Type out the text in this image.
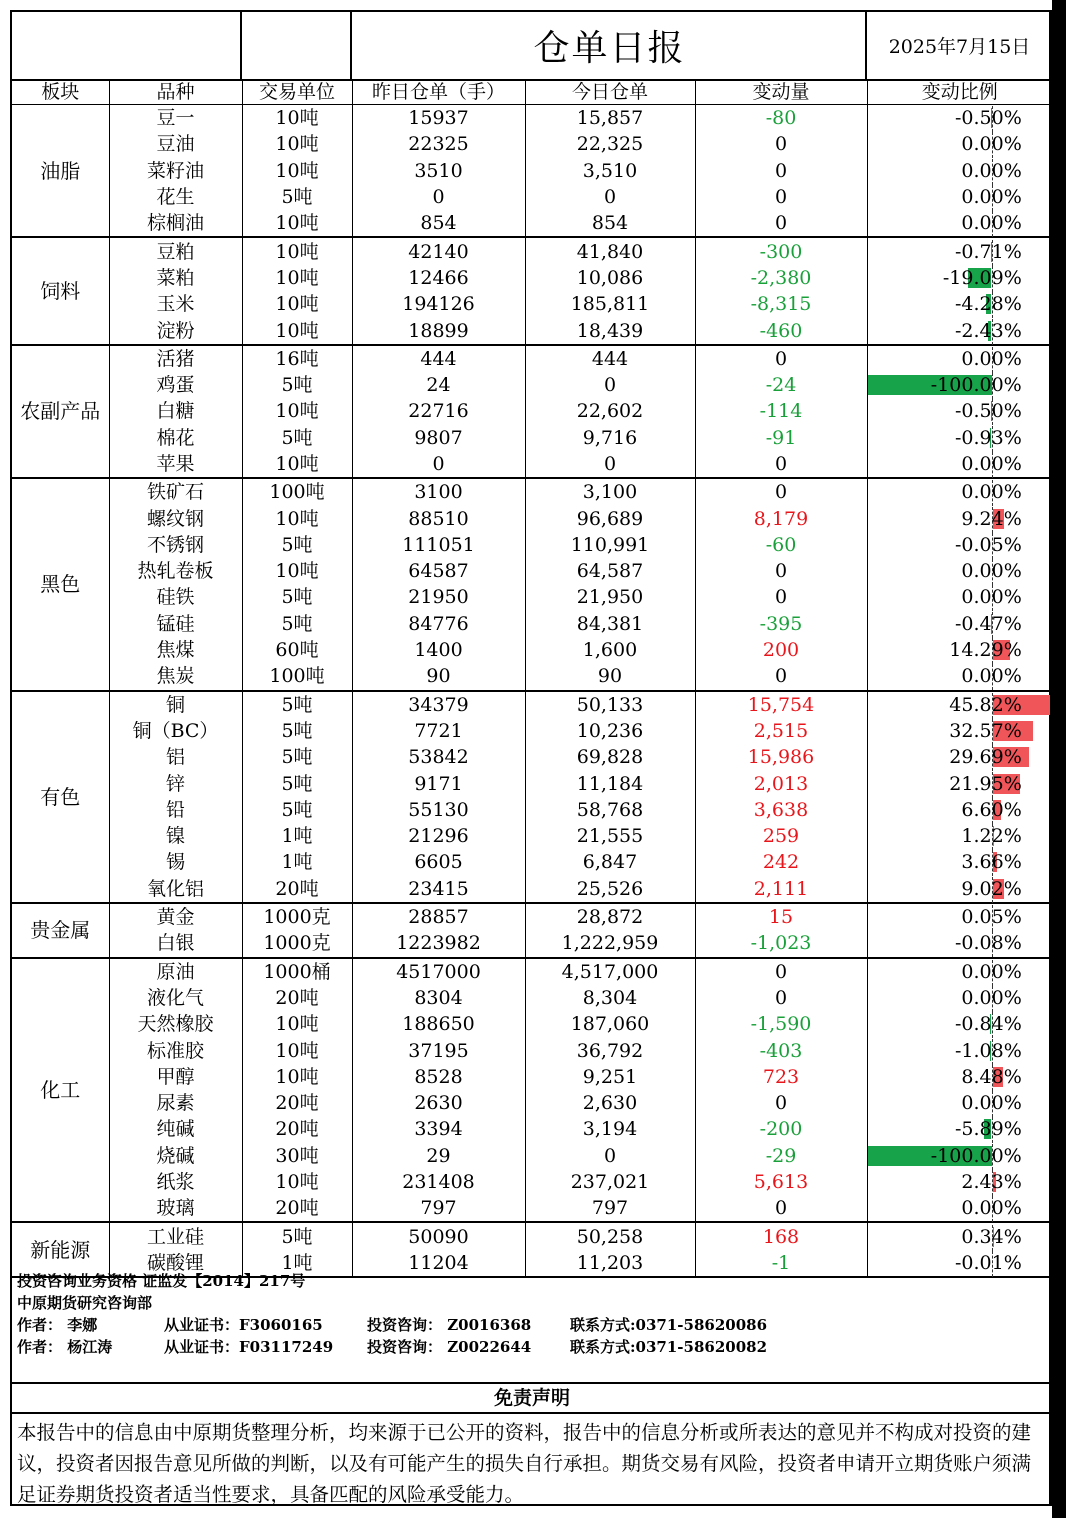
仓单日报	2025年7月15日
板块	品种	交易单位	昨日仓单（手）	今日仓单	变动量	变动比例
油脂	豆一	10吨	15937	15,857	-80	-0.50%

	豆油	10吨	22325	22,325	0	0.00%

	菜籽油	10吨	3510	3,510	0	0.00%

	花生	5吨	0	0	0	0.00%

	棕榈油	10吨	854	854	0	0.00%

饲料	豆粕	10吨	42140	41,840	-300	-0.71%

	菜粕	10吨	12466	10,086	-2,380	-19.09%

	玉米	10吨	194126	185,811	-8,315	-4.28%

	淀粉	10吨	18899	18,439	-460	-2.43%

农副产品	活猪	16吨	444	444	0	0.00%

	鸡蛋	5吨	24	0	-24	-100.00%

	白糖	10吨	22716	22,602	-114	-0.50%

	棉花	5吨	9807	9,716	-91	-0.93%

	苹果	10吨	0	0	0	0.00%

黑色	铁矿石	100吨	3100	3,100	0	0.00%

	螺纹钢	10吨	88510	96,689	8,179	9.24%

	不锈钢	5吨	111051	110,991	-60	-0.05%

	热轧卷板	10吨	64587	64,587	0	0.00%

	硅铁	5吨	21950	21,950	0	0.00%

	锰硅	5吨	84776	84,381	-395	-0.47%

	焦煤	60吨	1400	1,600	200	14.29%

	焦炭	100吨	90	90	0	0.00%

有色	铜	5吨	34379	50,133	15,754	45.82%

	铜（BC）	5吨	7721	10,236	2,515	32.57%

	铝	5吨	53842	69,828	15,986	29.69%

	锌	5吨	9171	11,184	2,013	21.95%

	铅	5吨	55130	58,768	3,638	6.60%

	镍	1吨	21296	21,555	259	1.22%

	锡	1吨	6605	6,847	242	3.66%

	氧化铝	20吨	23415	25,526	2,111	9.02%

贵金属	黄金	1000克	28857	28,872	15	0.05%

	白银	1000克	1223982	1,222,959	-1,023	-0.08%

化工	原油	1000桶	4517000	4,517,000	0	0.00%

	液化气	20吨	8304	8,304	0	0.00%

	天然橡胶	10吨	188650	187,060	-1,590	-0.84%

	标准胶	10吨	37195	36,792	-403	-1.08%

	甲醇	10吨	8528	9,251	723	8.48%

	尿素	20吨	2630	2,630	0	0.00%

	纯碱	20吨	3394	3,194	-200	-5.89%

	烧碱	30吨	29	0	-29	-100.00%

	纸浆	10吨	231408	237,021	5,613	2.43%

	玻璃	20吨	797	797	0	0.00%

新能源	工业硅	5吨	50090	50,258	168	0.34%

	碳酸锂	1吨	11204	11,203	-1	-0.01%
投资咨询业务资格 证监发【2014】217号
中原期货研究咨询部
作者： 李娜	从业证书：F3060165	投资咨询： Z0016368	联系方式:0371-58620086
作者： 杨江涛	从业证书：F03117249 投资咨询： Z0022644	联系方式:0371-58620082
免责声明
本报告中的信息由中原期货整理分析，均来源于已公开的资料，报告中的信息分析或所表达的意见并不构成对投资的建议，投资者因报告意见所做的判断，以及有可能产生的损失自行承担。期货交易有风险，投资者申请开立期货账户须满足证券期货投资者适当性要求，具备匹配的风险承受能力。
